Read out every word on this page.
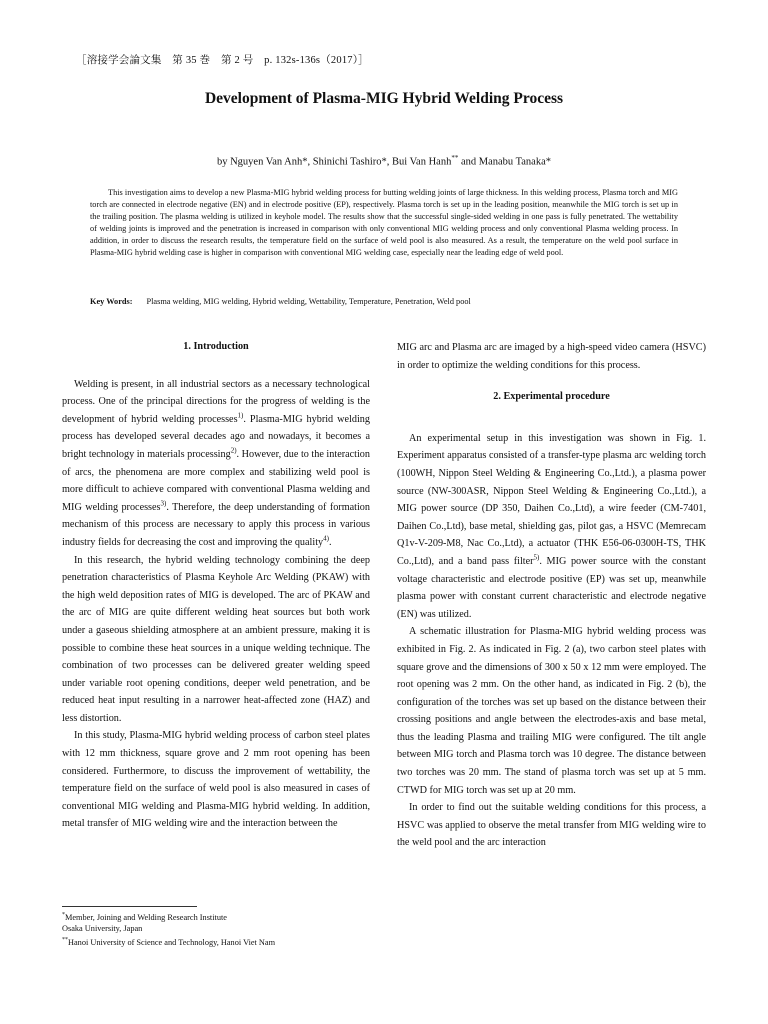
［溶接学会論文集　第 35 巻　第 2 号　p. 132s-136s（2017）］
Development of Plasma-MIG Hybrid Welding Process
by Nguyen Van Anh*, Shinichi Tashiro*, Bui Van Hanh** and Manabu Tanaka*
This investigation aims to develop a new Plasma-MIG hybrid welding process for butting welding joints of large thickness. In this welding process, Plasma torch and MIG torch are connected in electrode negative (EN) and in electrode positive (EP), respectively. Plasma torch is set up in the leading position, meanwhile the MIG torch is set up in the trailing position. The plasma welding is utilized in keyhole model. The results show that the successful single-sided welding in one pass is fully penetrated. The wettability of welding joints is improved and the penetration is increased in comparison with only conventional MIG welding process and only conventional Plasma welding process. In addition, in order to discuss the research results, the temperature field on the surface of weld pool is also measured. As a result, the temperature on the weld pool surface in Plasma-MIG hybrid welding case is higher in comparison with conventional MIG welding case, especially near the leading edge of weld pool.
Key Words: Plasma welding, MIG welding, Hybrid welding, Wettability, Temperature, Penetration, Weld pool
1. Introduction

Welding is present, in all industrial sectors as a necessary technological process. One of the principal directions for the progress of welding is the development of hybrid welding processes$^{1)}$. Plasma-MIG hybrid welding process has developed several decades ago and nowadays, it becomes a bright technology in materials processing$^{2)}$. However, due to the interaction of arcs, the phenomena are more complex and stabilizing weld pool is more difficult to achieve compared with conventional Plasma welding and MIG welding processes$^{3)}$. Therefore, the deep understanding of formation mechanism of this process are necessary to apply this process in various industry fields for decreasing the cost and improving the quality$^{4)}$.

In this research, the hybrid welding technology combining the deep penetration characteristics of Plasma Keyhole Arc Welding (PKAW) with the high weld deposition rates of MIG is developed. The arc of PKAW and the arc of MIG are quite different welding heat sources but both work under a gaseous shielding atmosphere at an ambient pressure, making it is possible to combine these heat sources in a unique welding technique. The combination of two processes can be delivered greater welding speed under variable root opening conditions, deeper weld penetration, and be reduced heat input resulting in a narrower heat-affected zone (HAZ) and less distortion.

In this study, Plasma-MIG hybrid welding process of carbon steel plates with 12 mm thickness, square grove and 2 mm root opening has been considered. Furthermore, to discuss the improvement of wettability, the temperature field on the surface of weld pool is also measured in cases of conventional MIG welding and Plasma-MIG hybrid welding. In addition, metal transfer of MIG welding wire and the interaction between the

MIG arc and Plasma arc are imaged by a high-speed video camera (HSVC) in order to optimize the welding conditions for this process.

2. Experimental procedure

An experimental setup in this investigation was shown in Fig. 1. Experiment apparatus consisted of a transfer-type plasma arc welding torch (100WH, Nippon Steel Welding & Engineering Co.,Ltd.), a plasma power source (NW-300ASR, Nippon Steel Welding & Engineering Co.,Ltd.), a MIG power source (DP 350, Daihen Co.,Ltd), a wire feeder (CM-7401, Daihen Co.,Ltd), base metal, shielding gas, pilot gas, a HSVC (Memrecam Q1v-V-209-M8, Nac Co.,Ltd), a actuator (THK E56-06-0300H-TS, THK Co.,Ltd), and a band pass filter$^{5)}$. MIG power source with the constant voltage characteristic and electrode positive (EP) was set up, meanwhile plasma power with constant current characteristic and electrode negative (EN) was utilized.

A schematic illustration for Plasma-MIG hybrid welding process was exhibited in Fig. 2. As indicated in Fig. 2 (a), two carbon steel plates with square grove and the dimensions of 300 x 50 x 12 mm were employed. The root opening was 2 mm. On the other hand, as indicated in Fig. 2 (b), the configuration of the torches was set up based on the distance between their crossing positions and angle between the electrodes-axis and base metal, thus the leading Plasma and trailing MIG were configured. The tilt angle between MIG torch and Plasma torch was 10 degree. The distance between two torches was 20 mm. The stand of plasma torch was set up at 5 mm. CTWD for MIG torch was set up at 20 mm.

In order to find out the suitable welding conditions for this process, a HSVC was applied to observe the metal transfer from MIG welding wire to the weld pool and the arc interaction

*Member, Joining and Welding Research Institute
Osaka University, Japan
**Hanoi University of Science and Technology, Hanoi Viet Nam
